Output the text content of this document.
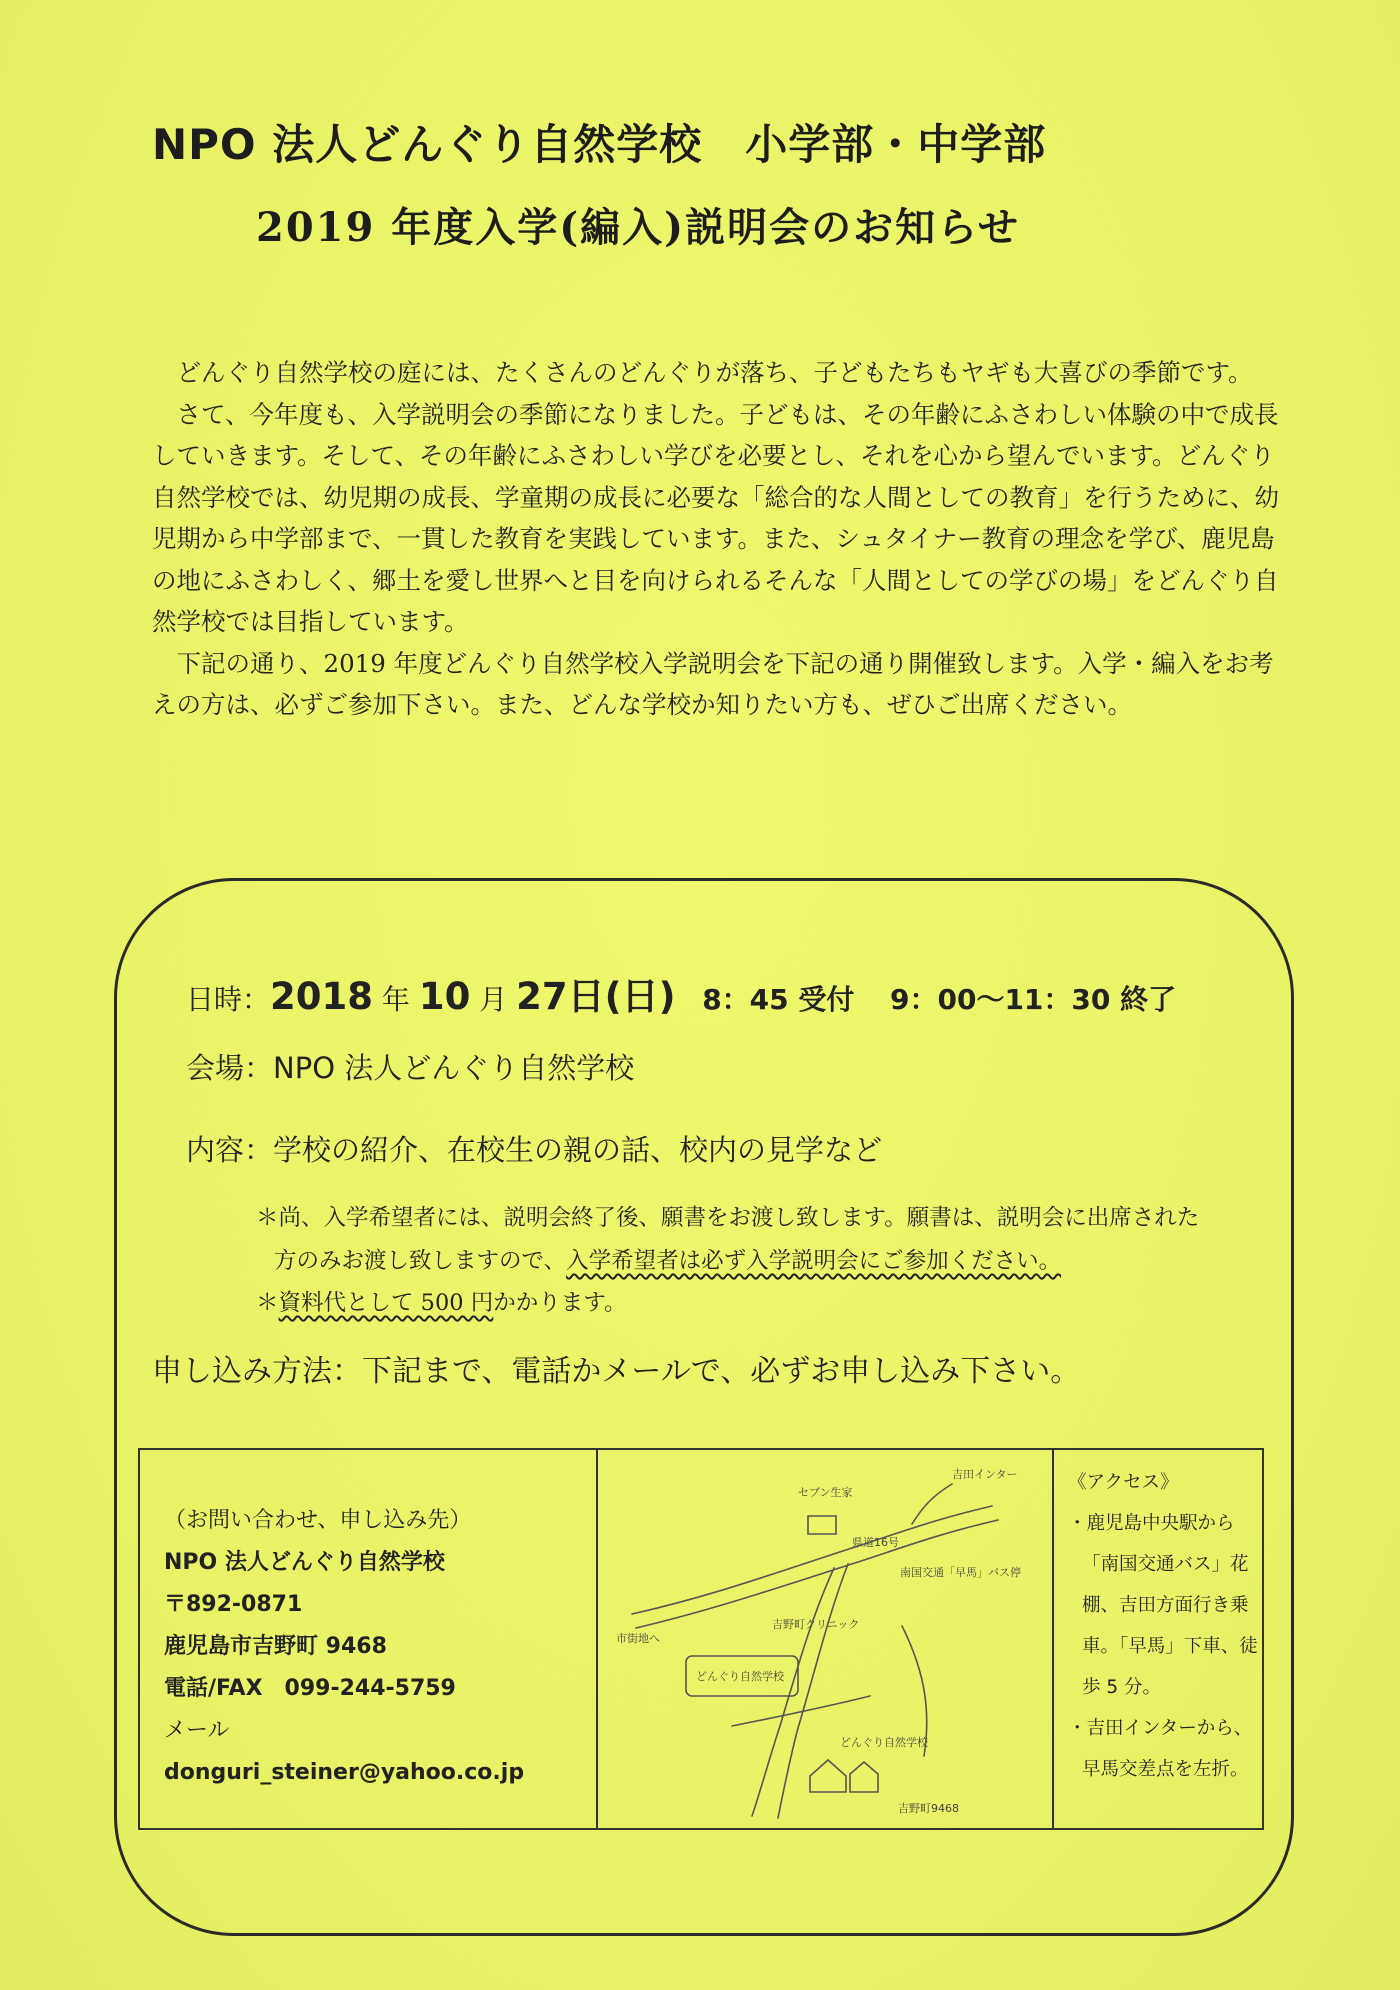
NPO 法人どんぐり自然学校　小学部・中学部
2019 年度入学(編入)説明会のお知らせ

どんぐり自然学校の庭には、たくさんのどんぐりが落ち、子どもたちもヤギも大喜びの季節です。

さて、今年度も、入学説明会の季節になりました。子どもは、その年齢にふさわしい体験の中で成長していきます。そして、その年齢にふさわしい学びを必要とし、それを心から望んでいます。どんぐり自然学校では、幼児期の成長、学童期の成長に必要な「総合的な人間としての教育」を行うために、幼児期から中学部まで、一貫した教育を実践しています。また、シュタイナー教育の理念を学び、鹿児島の地にふさわしく、郷土を愛し世界へと目を向けられるそんな「人間としての学びの場」をどんぐり自然学校では目指しています。

下記の通り、2019 年度どんぐり自然学校入学説明会を下記の通り開催致します。入学・編入をお考えの方は、必ずご参加下さい。また、どんな学校か知りたい方も、ぜひご出席ください。

日時：2018 年 10 月 27日(日) 8：45 受付 9：00〜11：30 終了
会場：NPO 法人どんぐり自然学校
内容：学校の紹介、在校生の親の話、校内の見学など
＊尚、入学希望者には、説明会終了後、願書をお渡し致します。願書は、説明会に出席された
方のみお渡し致しますので、入学希望者は必ず入学説明会にご参加ください。
＊資料代として 500 円かかります。
申し込み方法：下記まで、電話かメールで、必ずお申し込み下さい。
（お問い合わせ、申し込み先）
NPO 法人どんぐり自然学校
〒892-0871
鹿児島市吉野町 9468
電話/FAX　099-244-5759
メール
donguri_steiner@yahoo.co.jp
セブン生家
吉田インター
県道16号
南国交通「早馬」バス停
市街地へ
吉野町クリニック
どんぐり自然学校
どんぐり自然学校
吉野町9468
《アクセス》
・鹿児島中央駅から「南国交通バス」花棚、吉田方面行き乗車。「早馬」下車、徒歩 5 分。
・吉田インターから、早馬交差点を左折。
